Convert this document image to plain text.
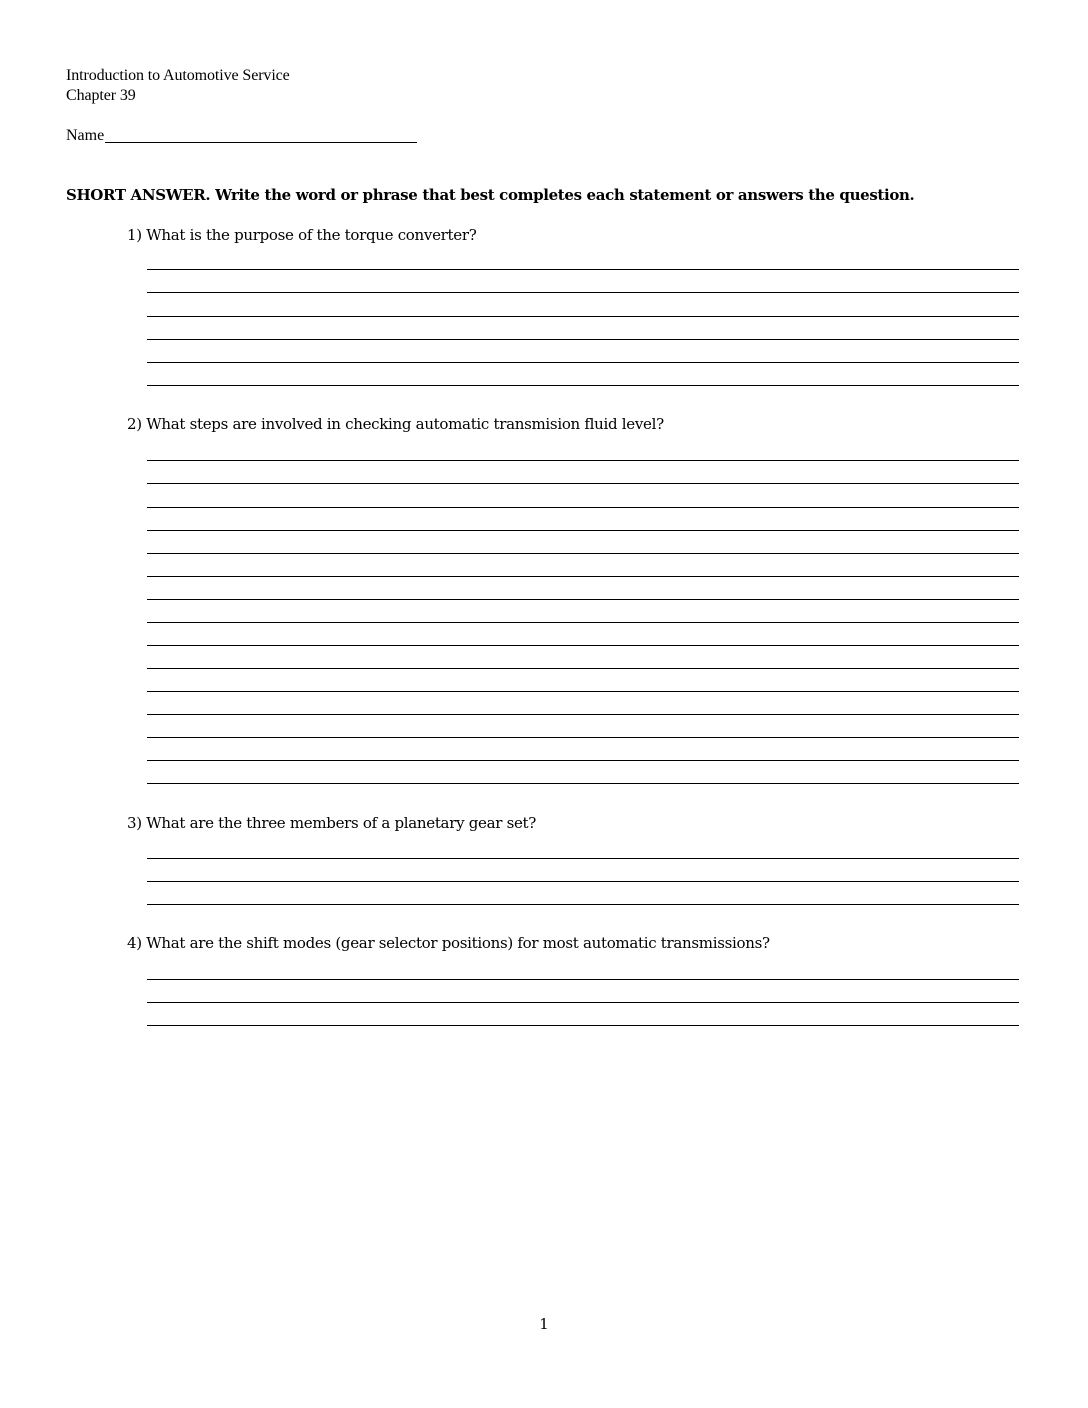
Introduction to Automotive Service
Chapter 39
Name
SHORT ANSWER. Write the word or phrase that best completes each statement or answers the question.
1) What is the purpose of the torque converter?
2) What steps are involved in checking automatic transmision fluid level?
3) What are the three members of a planetary gear set?
4) What are the shift modes (gear selector positions) for most automatic transmissions?
1
